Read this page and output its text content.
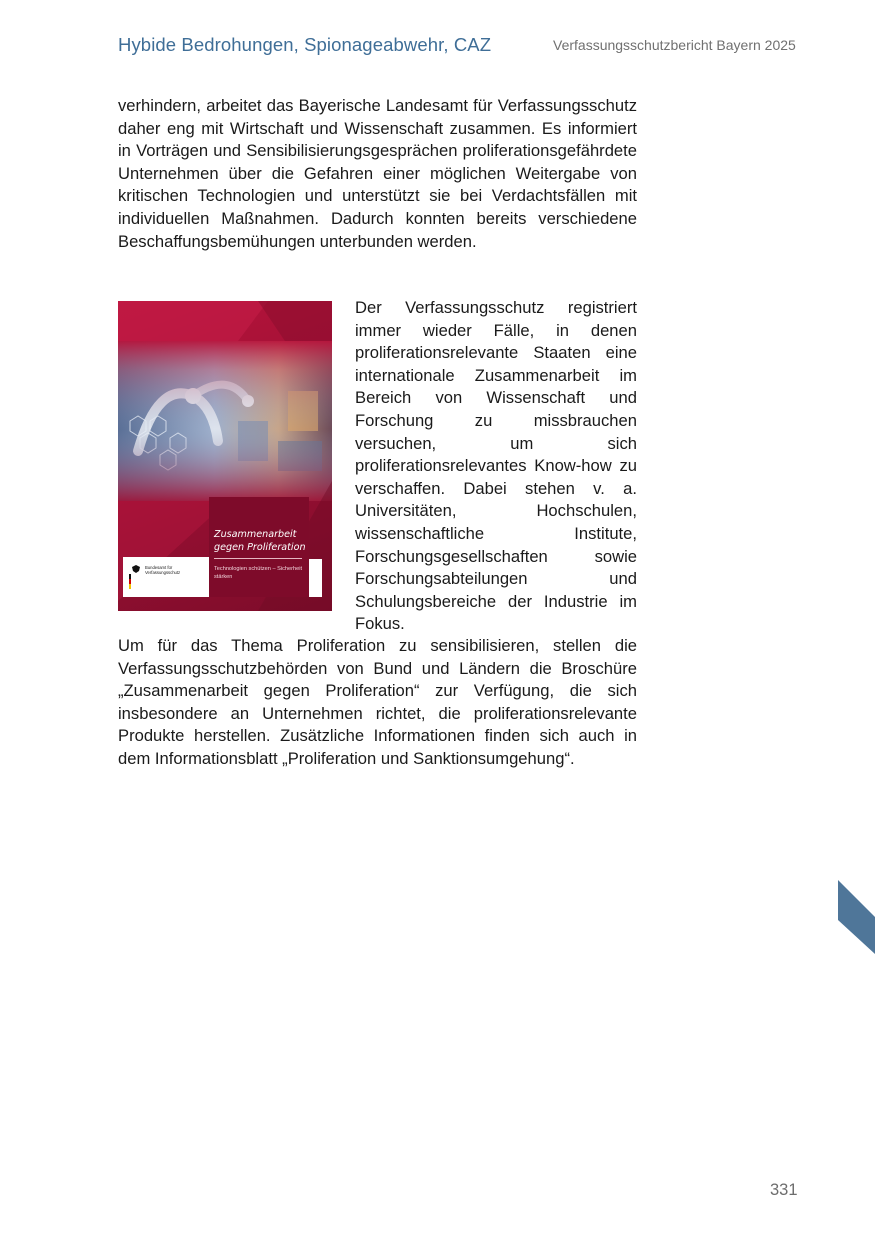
Hybide Bedrohungen, Spionageabwehr, CAZ	Verfassungsschutzbericht Bayern 2025

verhindern, arbeitet das Bayerische Landesamt für Verfassungsschutz daher eng mit Wirtschaft und Wissenschaft zusammen. Es informiert in Vorträgen und Sensibilisierungsgesprächen proliferationsgefährdete Unternehmen über die Gefahren einer möglichen Weitergabe von kritischen Technologien und unterstützt sie bei Verdachtsfällen mit individuellen Maßnahmen. Dadurch konnten bereits verschiedene Beschaffungsbemühungen unterbunden werden.

Bundesamt für Verfassungsschutz
Zusammenarbeit gegen Proliferation
Technologien schützen – Sicherheit stärken

Der Verfassungsschutz registriert immer wieder Fälle, in denen proliferationsrelevante Staaten eine internationale Zusammenarbeit im Bereich von Wissenschaft und Forschung zu missbrauchen versuchen, um sich proliferationsrelevantes Know-how zu verschaffen. Dabei stehen v. a. Universitäten, Hochschulen, wissenschaftliche Institute, Forschungsgesellschaften sowie Forschungsabteilungen und Schulungsbereiche der Industrie im Fokus.

Um für das Thema Proliferation zu sensibilisieren, stellen die Verfassungsschutzbehörden von Bund und Ländern die Broschüre „Zusammenarbeit gegen Proliferation“ zur Verfügung, die sich insbesondere an Unternehmen richtet, die proliferationsrelevante Produkte herstellen. Zusätzliche Informationen finden sich auch in dem Informationsblatt „Proliferation und Sanktionsumgehung“.

331
